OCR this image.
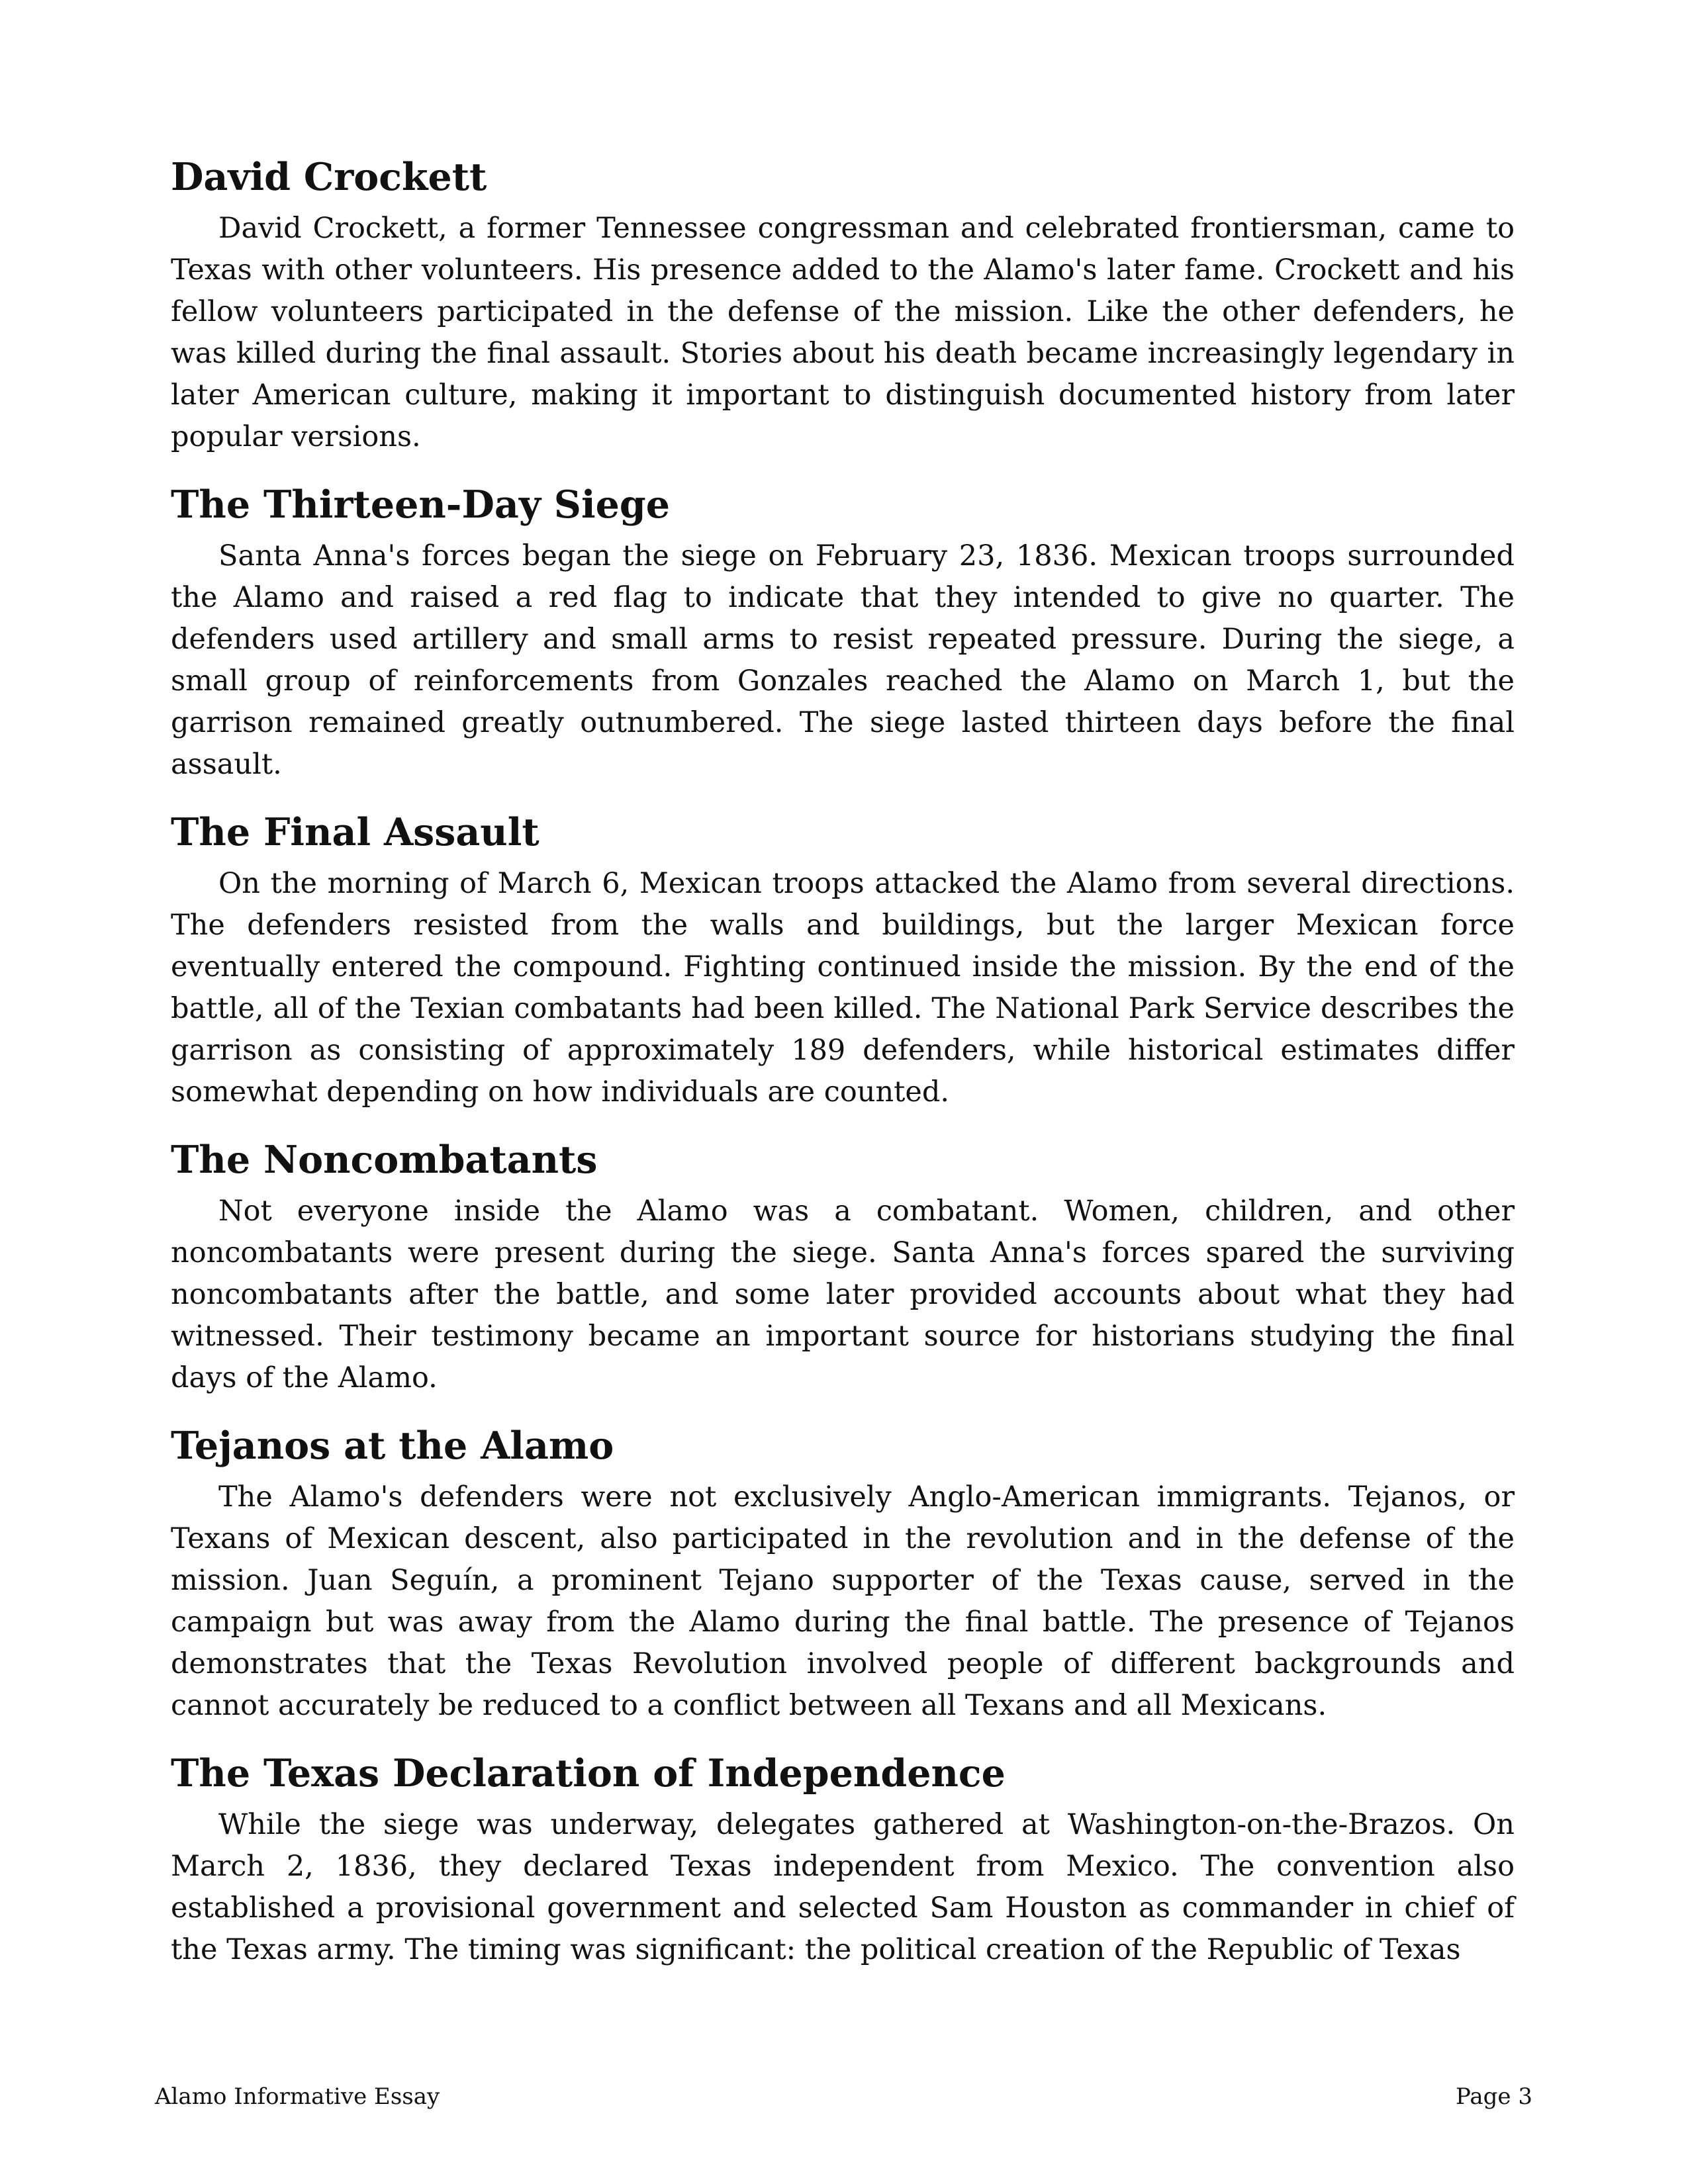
David Crockett

David Crockett, a former Tennessee congressman and celebrated frontiersman, came to Texas with other volunteers. His presence added to the Alamo's later fame. Crockett and his fellow volunteers participated in the defense of the mission. Like the other defenders, he was killed during the final assault. Stories about his death became increasingly legendary in later American culture, making it important to distinguish documented history from later popular versions.

The Thirteen-Day Siege

Santa Anna's forces began the siege on February 23, 1836. Mexican troops surrounded the Alamo and raised a red flag to indicate that they intended to give no quarter. The defenders used artillery and small arms to resist repeated pressure. During the siege, a small group of reinforcements from Gonzales reached the Alamo on March 1, but the garrison remained greatly outnumbered. The siege lasted thirteen days before the final assault.

The Final Assault

On the morning of March 6, Mexican troops attacked the Alamo from several directions. The defenders resisted from the walls and buildings, but the larger Mexican force eventually entered the compound. Fighting continued inside the mission. By the end of the battle, all of the Texian combatants had been killed. The National Park Service describes the garrison as consisting of approximately 189 defenders, while historical estimates differ somewhat depending on how individuals are counted.

The Noncombatants

Not everyone inside the Alamo was a combatant. Women, children, and other noncombatants were present during the siege. Santa Anna's forces spared the surviving noncombatants after the battle, and some later provided accounts about what they had witnessed. Their testimony became an important source for historians studying the final days of the Alamo.

Tejanos at the Alamo

The Alamo's defenders were not exclusively Anglo-American immigrants. Tejanos, or Texans of Mexican descent, also participated in the revolution and in the defense of the mission. Juan Seguín, a prominent Tejano supporter of the Texas cause, served in the campaign but was away from the Alamo during the final battle. The presence of Tejanos demonstrates that the Texas Revolution involved people of different backgrounds and cannot accurately be reduced to a conflict between all Texans and all Mexicans.

The Texas Declaration of Independence

While the siege was underway, delegates gathered at Washington-on-the-Brazos. On March 2, 1836, they declared Texas independent from Mexico. The convention also established a provisional government and selected Sam Houston as commander in chief of the Texas army. The timing was significant: the political creation of the Republic of Texas

Alamo Informative Essay	Page 3
